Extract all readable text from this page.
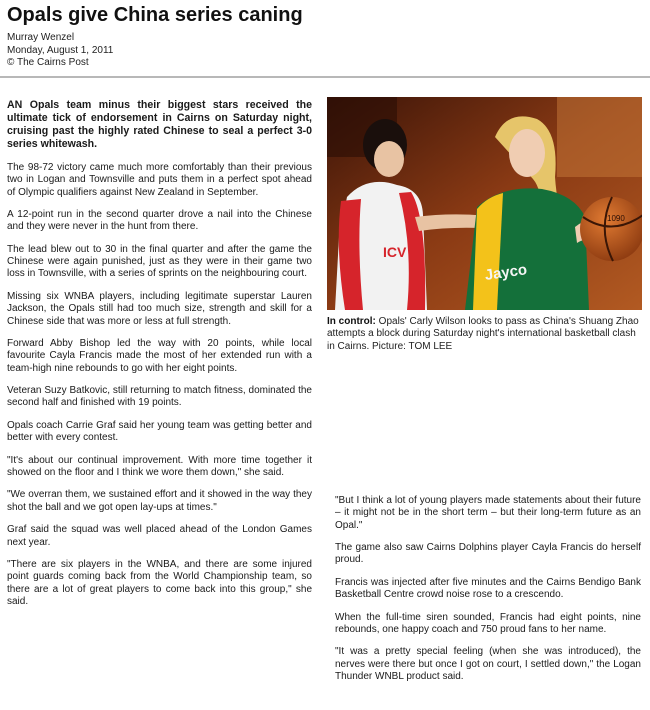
Opals give China series caning
Murray Wenzel
Monday, August 1, 2011
© The Cairns Post

AN Opals team minus their biggest stars received the ultimate tick of endorsement in Cairns on Saturday night, cruising past the highly rated Chinese to seal a perfect 3-0 series whitewash.

The 98-72 victory came much more comfortably than their previous two in Logan and Townsville and puts them in a perfect spot ahead of Olympic qualifiers against New Zealand in September.

A 12-point run in the second quarter drove a nail into the Chinese and they were never in the hunt from there.

The lead blew out to 30 in the final quarter and after the game the Chinese were again punished, just as they were in their game two loss in Townsville, with a series of sprints on the neighbouring court.

Missing six WNBA players, including legitimate superstar Lauren Jackson, the Opals still had too much size, strength and skill for a Chinese side that was more or less at full strength.

Forward Abby Bishop led the way with 20 points, while local favourite Cayla Francis made the most of her extended run with a team-high nine rebounds to go with her eight points.

Veteran Suzy Batkovic, still returning to match fitness, dominated the second half and finished with 19 points.

Opals coach Carrie Graf said her young team was getting better and better with every contest.

"It's about our continual improvement. With more time together it showed on the floor and I think we wore them down," she said.

"We overran them, we sustained effort and it showed in the way they shot the ball and we got open lay-ups at times."

Graf said the squad was well placed ahead of the London Games next year.

"There are six players in the WNBA, and there are some injured point guards coming back from the World Championship team, so there are a lot of great players to come back into this group," she said.

ICV
Jayco
1090
In control: Opals' Carly Wilson looks to pass as China's Shuang Zhao attempts a block during Saturday night's international basketball clash in Cairns. Picture: TOM LEE

"But I think a lot of young players made statements about their future – it might not be in the short term – but their long-term future as an Opal."

The game also saw Cairns Dolphins player Cayla Francis do herself proud.

Francis was injected after five minutes and the Cairns Bendigo Bank Basketball Centre crowd noise rose to a crescendo.

When the full-time siren sounded, Francis had eight points, nine rebounds, one happy coach and 750 proud fans to her name.

"It was a pretty special feeling (when she was introduced), the nerves were there but once I got on court, I settled down," the Logan Thunder WNBL product said.
